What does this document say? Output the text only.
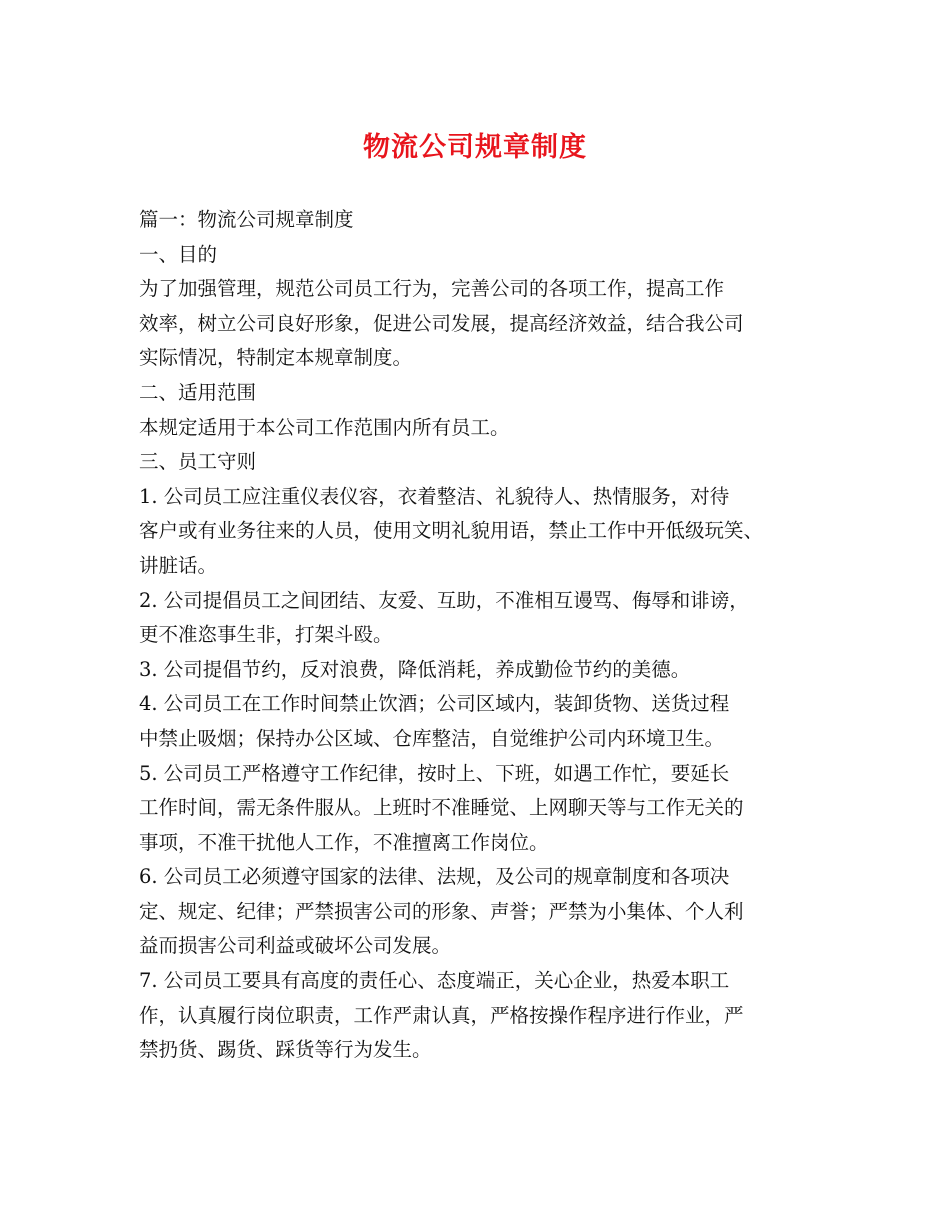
物流公司规章制度

篇一：物流公司规章制度

一、目的

为了加强管理，规范公司员工行为，完善公司的各项工作，提高工作

效率，树立公司良好形象，促进公司发展，提高经济效益，结合我公司

实际情况，特制定本规章制度。

二、适用范围

本规定适用于本公司工作范围内所有员工。

三、员工守则

1. 公司员工应注重仪表仪容，衣着整洁、礼貌待人、热情服务，对待

客户或有业务往来的人员，使用文明礼貌用语，禁止工作中开低级玩笑、

讲脏话。

2. 公司提倡员工之间团结、友爱、互助，不准相互谩骂、侮辱和诽谤，

更不准恣事生非，打架斗殴。

3. 公司提倡节约，反对浪费，降低消耗，养成勤俭节约的美德。

4. 公司员工在工作时间禁止饮酒；公司区域内，装卸货物、送货过程

中禁止吸烟；保持办公区域、仓库整洁，自觉维护公司内环境卫生。

5. 公司员工严格遵守工作纪律，按时上、下班，如遇工作忙，要延长

工作时间，需无条件服从。上班时不准睡觉、上网聊天等与工作无关的

事项，不准干扰他人工作，不准擅离工作岗位。

6. 公司员工必须遵守国家的法律、法规，及公司的规章制度和各项决

定、规定、纪律；严禁损害公司的形象、声誉；严禁为小集体、个人利

益而损害公司利益或破坏公司发展。

7. 公司员工要具有高度的责任心、态度端正，关心企业，热爱本职工

作，认真履行岗位职责，工作严肃认真，严格按操作程序进行作业，严

禁扔货、踢货、踩货等行为发生。
